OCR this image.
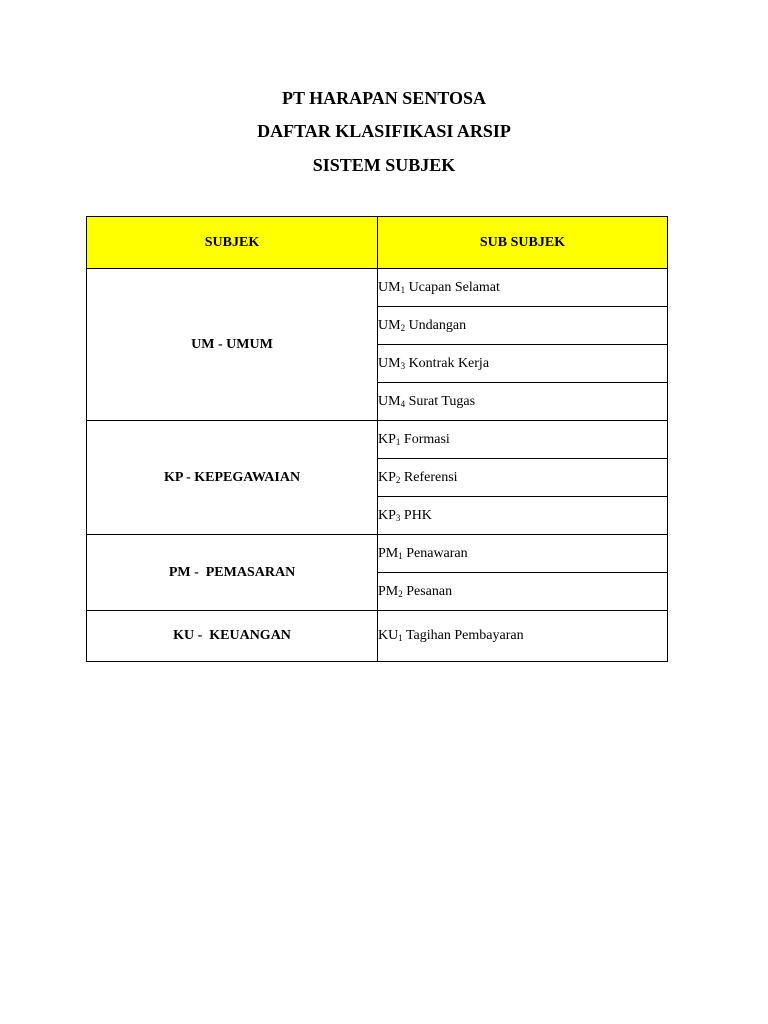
PT HARAPAN SENTOSA
DAFTAR KLASIFIKASI ARSIP
SISTEM SUBJEK
SUBJEK	SUB SUBJEK
UM - UMUM	$UM_1$ Ucapan Selamat
	$UM_2$ Undangan
	$UM_3$ Kontrak Kerja
	$UM_4$ Surat Tugas
KP - KEPEGAWAIAN	$KP_1$ Formasi
	$KP_2$ Referensi
	$KP_3$ PHK
PM -  PEMASARAN	$PM_1$ Penawaran
	$PM_2$ Pesanan
KU -  KEUANGAN	$KU_1$ Tagihan Pembayaran
